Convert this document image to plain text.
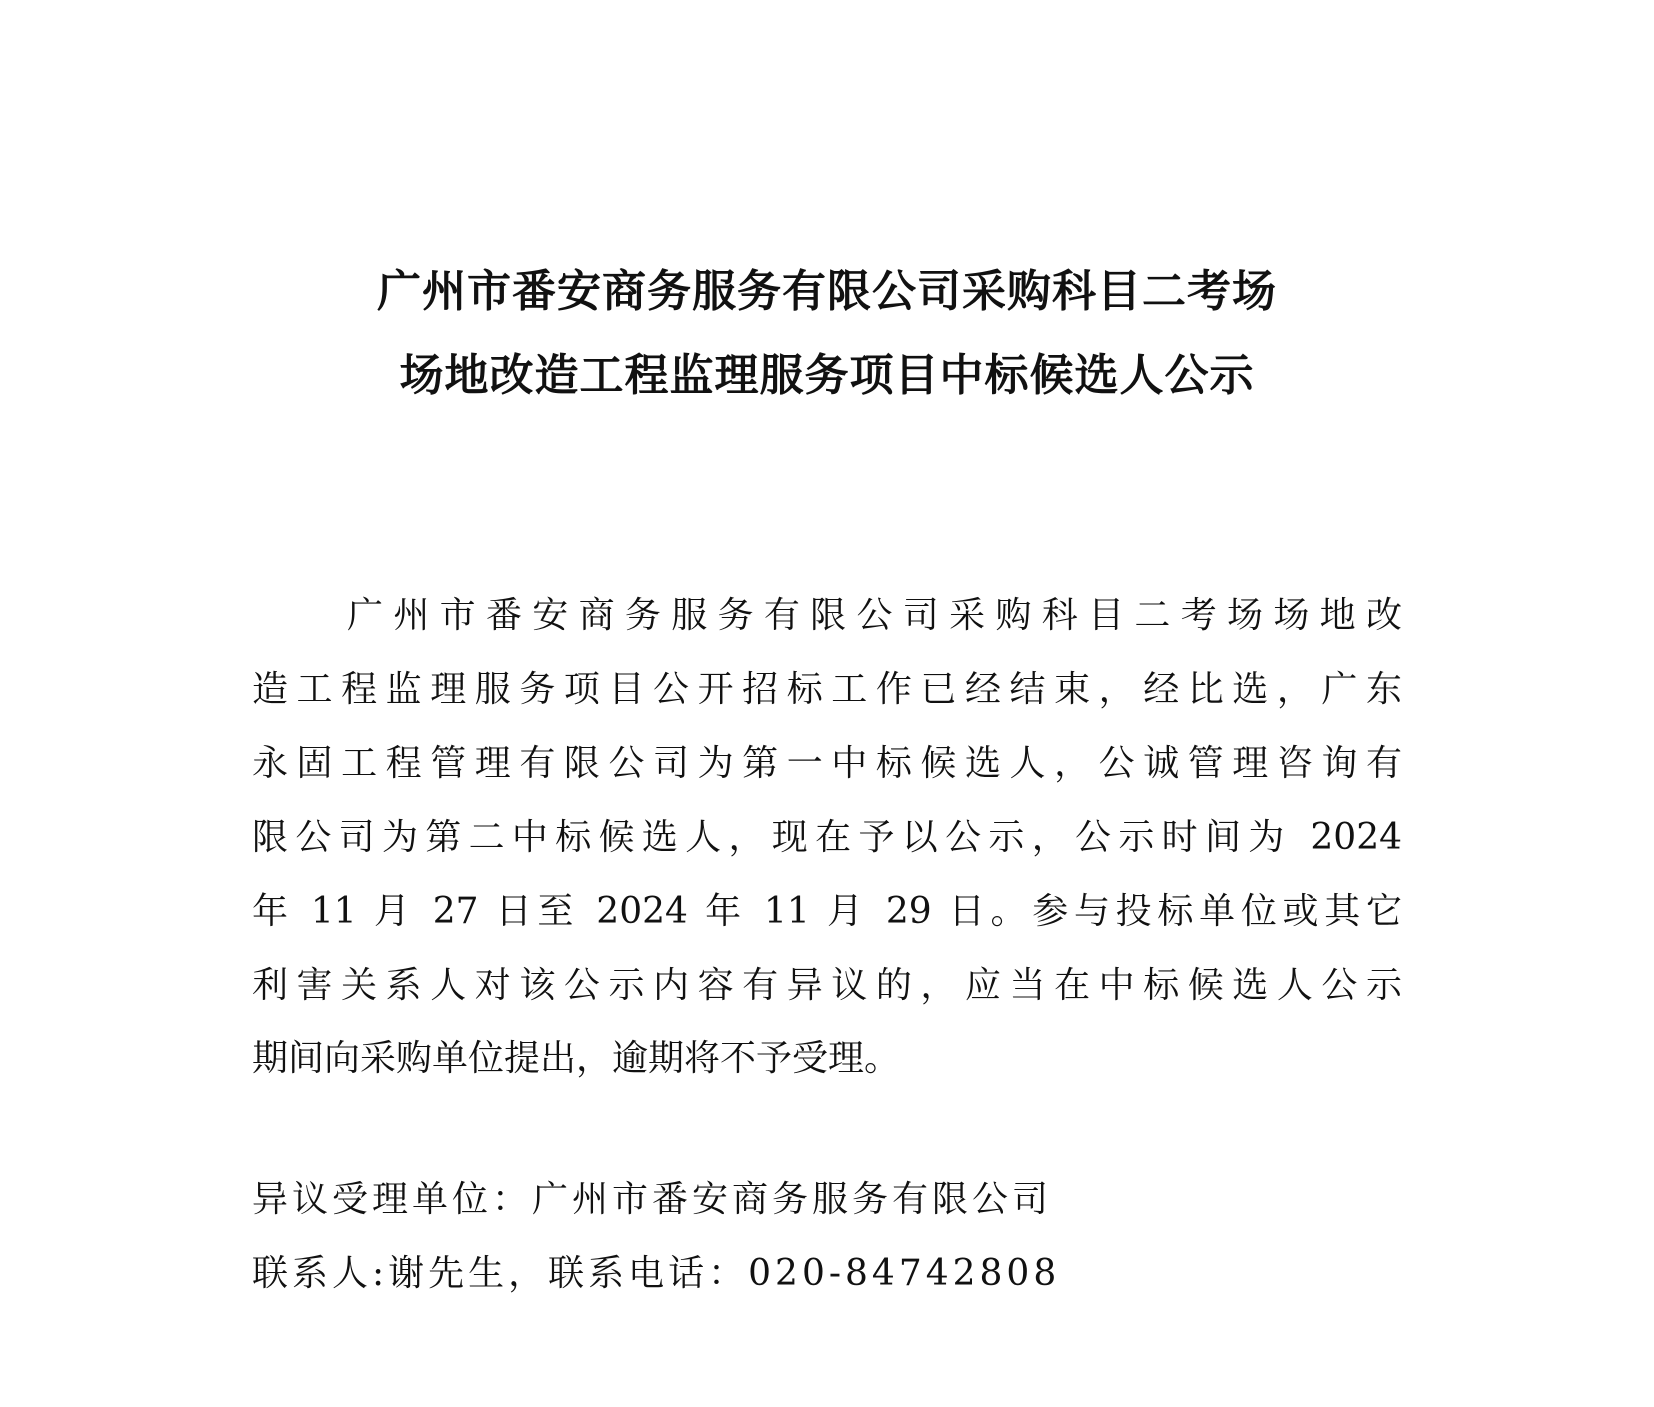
广州市番安商务服务有限公司采购科目二考场
场地改造工程监理服务项目中标候选人公示
广州市番安商务服务有限公司采购科目二考场场地改
造工程监理服务项目公开招标工作已经结束，经比选，广东
永固工程管理有限公司为第一中标候选人，公诚管理咨询有
限公司为第二中标候选人，现在予以公示，公示时间为 2024
年 11 月 27 日至 2024 年 11 月 29 日。参与投标单位或其它
利害关系人对该公示内容有异议的，应当在中标候选人公示
期间向采购单位提出，逾期将不予受理。
异议受理单位：广州市番安商务服务有限公司
联系人:谢先生，联系电话：020-84742808
